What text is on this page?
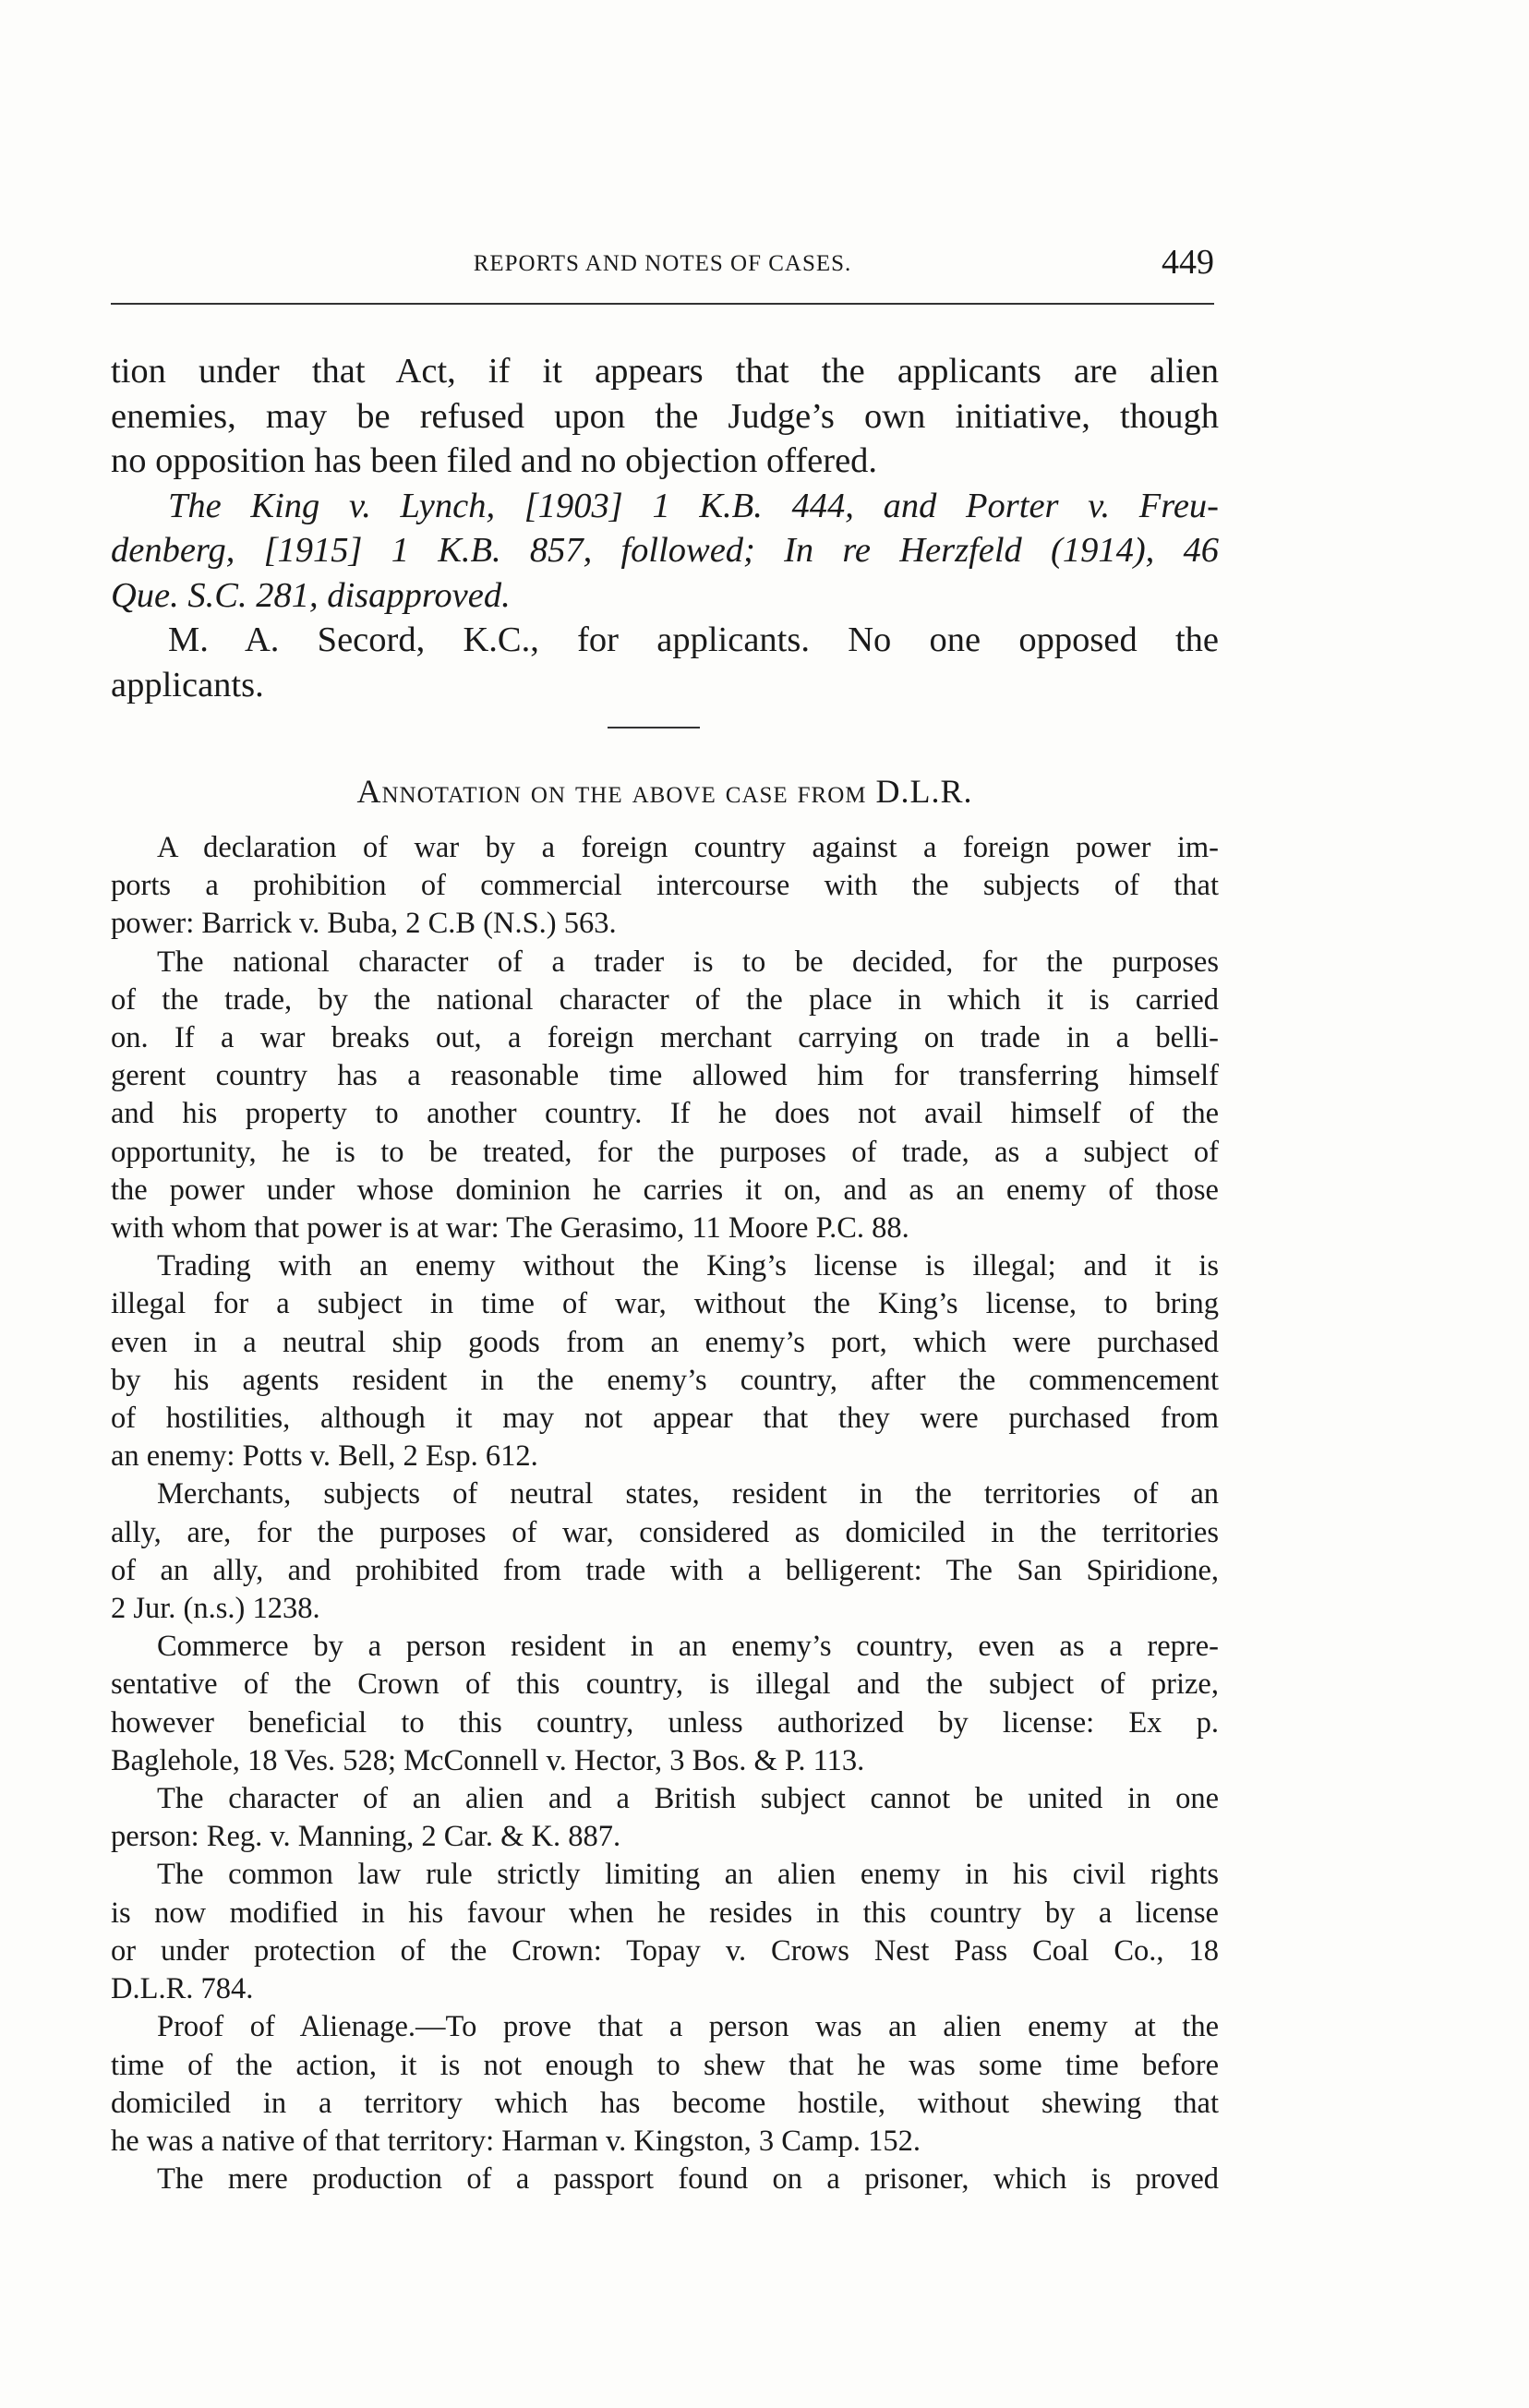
REPORTS AND NOTES OF CASES.	449

tion under that Act, if it appears that the applicants are alien
enemies, may be refused upon the Judge’s own initiative, though
no opposition has been filed and no objection offered.

The King v. Lynch, [1903] 1 K.B. 444, and Porter v. Freu-
denberg, [1915] 1 K.B. 857, followed; In re Herzfeld (1914), 46
Que. S.C. 281, disapproved.

M. A. Secord, K.C., for applicants. No one opposed the
applicants.

Annotation on the above case from D.L.R.

A declaration of war by a foreign country against a foreign power im-
ports a prohibition of commercial intercourse with the subjects of that
power: Barrick v. Buba, 2 C.B (N.S.) 563.

The national character of a trader is to be decided, for the purposes
of the trade, by the national character of the place in which it is carried
on. If a war breaks out, a foreign merchant carrying on trade in a belli-
gerent country has a reasonable time allowed him for transferring himself
and his property to another country. If he does not avail himself of the
opportunity, he is to be treated, for the purposes of trade, as a subject of
the power under whose dominion he carries it on, and as an enemy of those
with whom that power is at war: The Gerasimo, 11 Moore P.C. 88.

Trading with an enemy without the King’s license is illegal; and it is
illegal for a subject in time of war, without the King’s license, to bring
even in a neutral ship goods from an enemy’s port, which were purchased
by his agents resident in the enemy’s country, after the commencement
of hostilities, although it may not appear that they were purchased from
an enemy: Potts v. Bell, 2 Esp. 612.

Merchants, subjects of neutral states, resident in the territories of an
ally, are, for the purposes of war, considered as domiciled in the territories
of an ally, and prohibited from trade with a belligerent: The San Spiridione,
2 Jur. (n.s.) 1238.

Commerce by a person resident in an enemy’s country, even as a repre-
sentative of the Crown of this country, is illegal and the subject of prize,
however beneficial to this country, unless authorized by license: Ex p.
Baglehole, 18 Ves. 528; McConnell v. Hector, 3 Bos. & P. 113.

The character of an alien and a British subject cannot be united in one
person: Reg. v. Manning, 2 Car. & K. 887.

The common law rule strictly limiting an alien enemy in his civil rights
is now modified in his favour when he resides in this country by a license
or under protection of the Crown: Topay v. Crows Nest Pass Coal Co., 18
D.L.R. 784.

Proof of Alienage.—To prove that a person was an alien enemy at the
time of the action, it is not enough to shew that he was some time before
domiciled in a territory which has become hostile, without shewing that
he was a native of that territory: Harman v. Kingston, 3 Camp. 152.

The mere production of a passport found on a prisoner, which is proved
